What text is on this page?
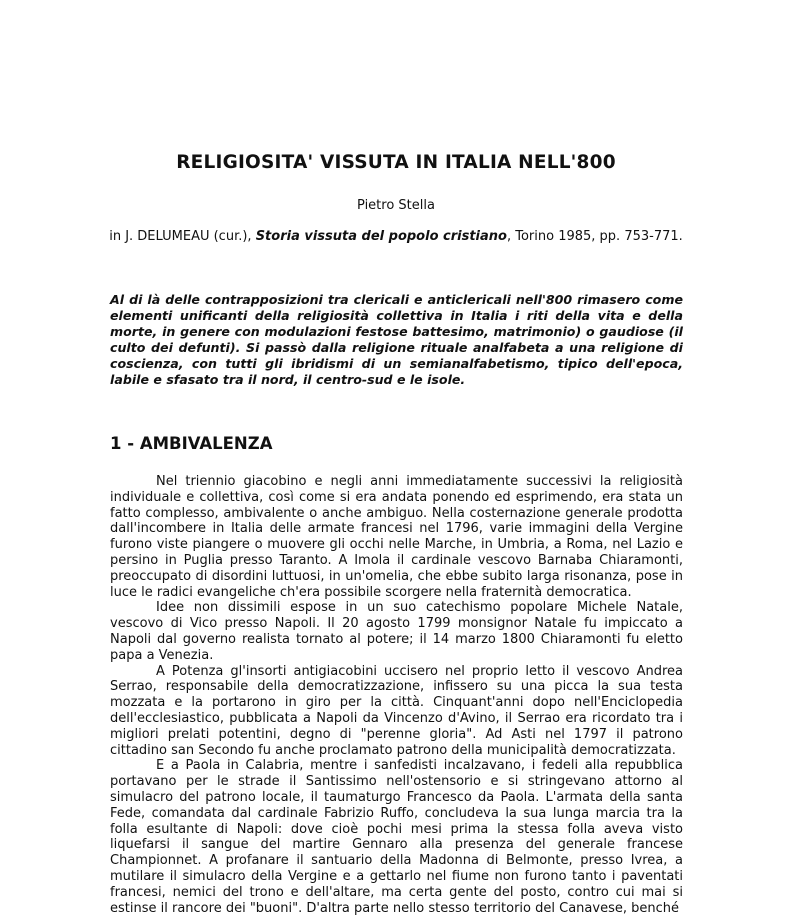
RELIGIOSITA' VISSUTA IN ITALIA NELL'800

Pietro Stella

in J. DELUMEAU (cur.), Storia vissuta del popolo cristiano, Torino 1985, pp. 753-771.

Al di là delle contrapposizioni tra clericali e anticlericali nell'800 rimasero come elementi unificanti della religiosità collettiva in Italia i riti della vita e della morte, in genere con modulazioni festose battesimo, matrimonio) o gaudiose (il culto dei defunti). Si passò dalla religione rituale analfabeta a una religione di coscienza, con tutti gli ibridismi di un semianalfabetismo, tipico dell'epoca, labile e sfasato tra il nord, il centro-sud e le isole.

1 - AMBIVALENZA

Nel triennio giacobino e negli anni immediatamente successivi la religiosità individuale e collettiva, così come si era andata ponendo ed esprimendo, era stata un fatto complesso, ambivalente o anche ambiguo. Nella costernazione generale prodotta dall'incombere in Italia delle armate francesi nel 1796, varie immagini della Vergine furono viste piangere o muovere gli occhi nelle Marche, in Umbria, a Roma, nel Lazio e persino in Puglia presso Taranto. A Imola il cardinale vescovo Barnaba Chiaramonti, preoccupato di disordini luttuosi, in un'omelia, che ebbe subito larga risonanza, pose in luce le radici evangeliche ch'era possibile scorgere nella fraternità democratica.

Idee non dissimili espose in un suo catechismo popolare Michele Natale, vescovo di Vico presso Napoli. Il 20 agosto 1799 monsignor Natale fu impiccato a Napoli dal governo realista tornato al potere; il 14 marzo 1800 Chiaramonti fu eletto papa a Venezia.

A Potenza gl'insorti antigiacobini uccisero nel proprio letto il vescovo Andrea Serrao, responsabile della democratizzazione, infissero su una picca la sua testa mozzata e la portarono in giro per la città. Cinquant'anni dopo nell'Enciclopedia dell'ecclesiastico, pubblicata a Napoli da Vincenzo d'Avino, il Serrao era ricordato tra i migliori prelati potentini, degno di "perenne gloria". Ad Asti nel 1797 il patrono cittadino san Secondo fu anche proclamato patrono della municipalità democratizzata.

E a Paola in Calabria, mentre i sanfedisti incalzavano, i fedeli alla repubblica portavano per le strade il Santissimo nell'ostensorio e si stringevano attorno al simulacro del patrono locale, il taumaturgo Francesco da Paola. L'armata della santa Fede, comandata dal cardinale Fabrizio Ruffo, concludeva la sua lunga marcia tra la folla esultante di Napoli: dove cioè pochi mesi prima la stessa folla aveva visto liquefarsi il sangue del martire Gennaro alla presenza del generale francese Championnet. A profanare il santuario della Madonna di Belmonte, presso Ivrea, a mutilare il simulacro della Vergine e a gettarlo nel fiume non furono tanto i paventati francesi, nemici del trono e dell'altare, ma certa gente del posto, contro cui mai si estinse il rancore dei "buoni". D'altra parte nello stesso territorio del Canavese, benché
